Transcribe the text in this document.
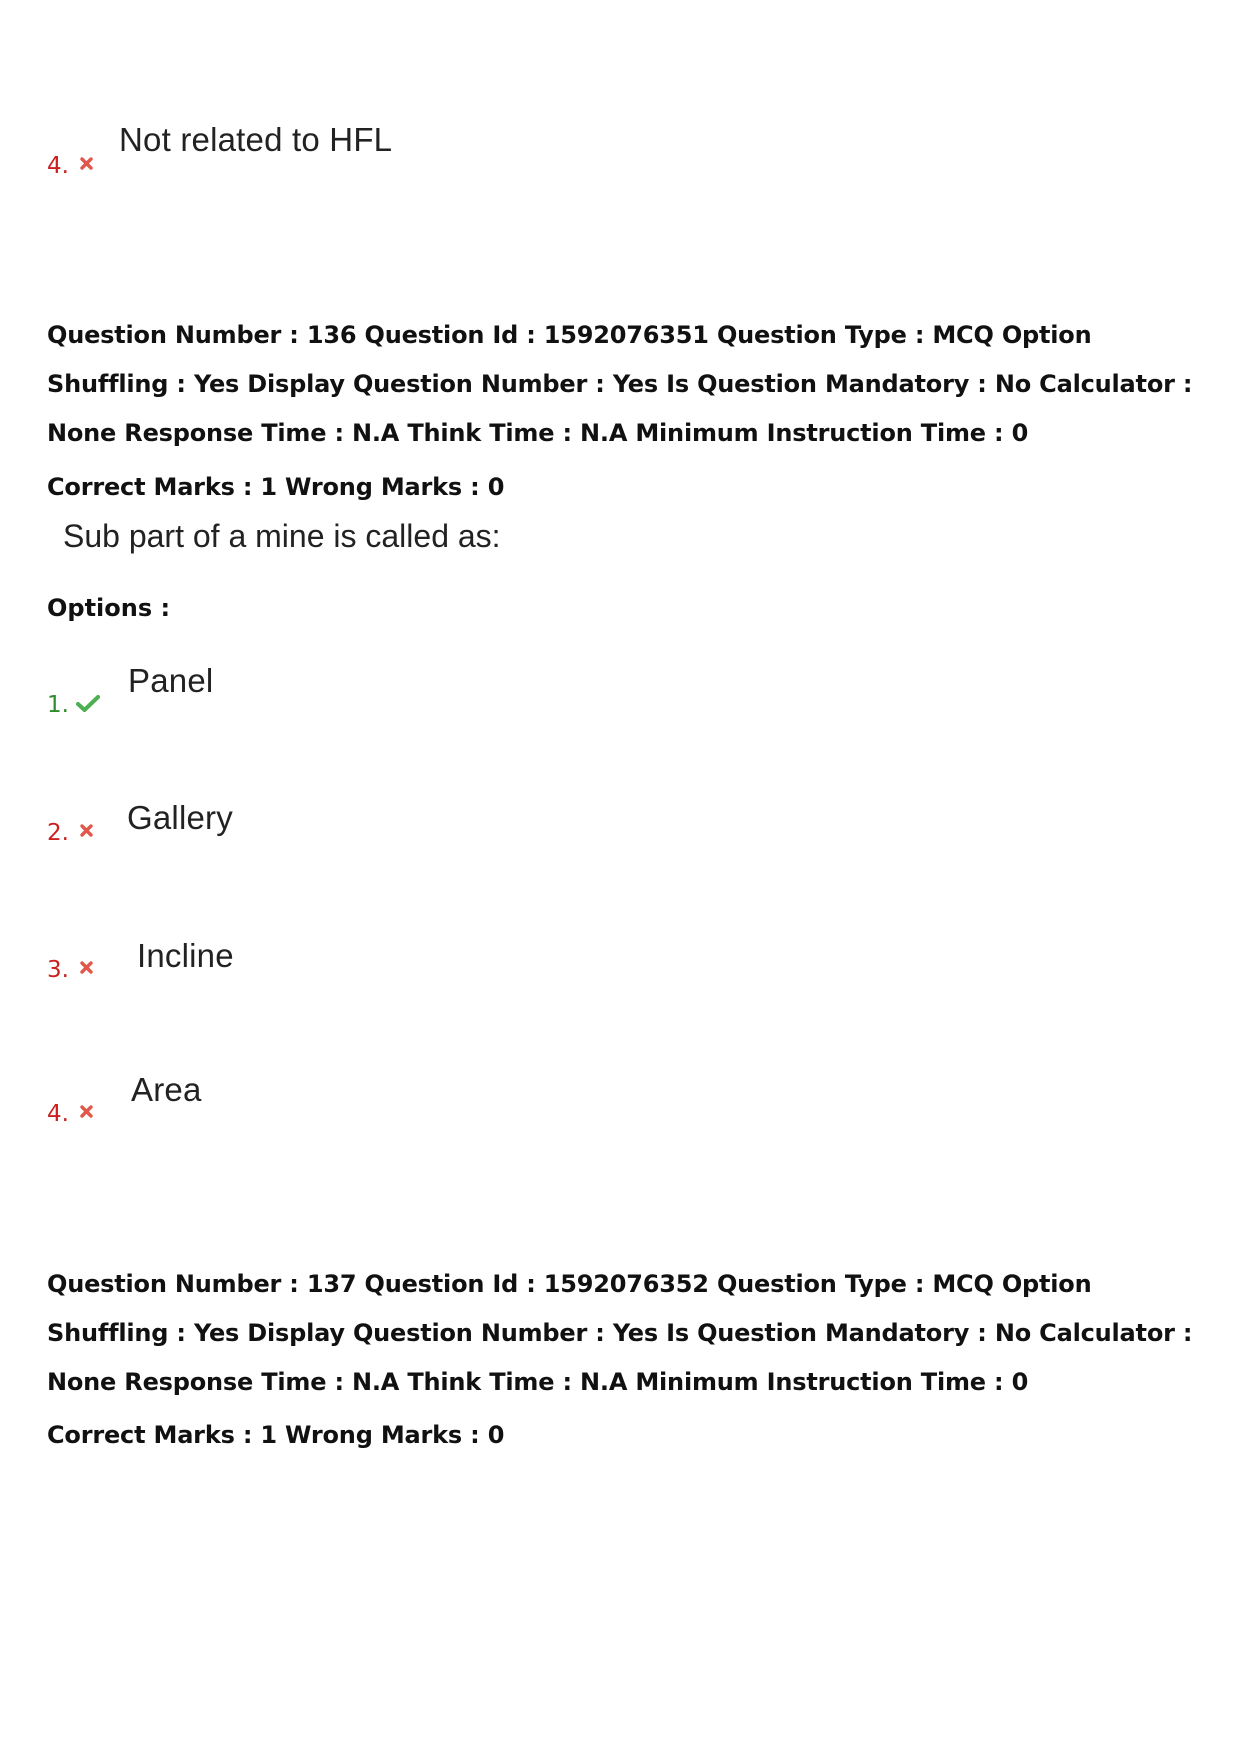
4.
Not related to HFL
Question Number : 136 Question Id : 1592076351 Question Type : MCQ Option Shuffling : Yes Display Question Number : Yes Is Question Mandatory : No Calculator : None Response Time : N.A Think Time : N.A Minimum Instruction Time : 0
Correct Marks : 1 Wrong Marks : 0
Sub part of a mine is called as:
Options :
1.
Panel
2. Gallery
3. Incline
4.
Area
Question Number : 137 Question Id : 1592076352 Question Type : MCQ Option Shuffling : Yes Display Question Number : Yes Is Question Mandatory : No Calculator : None Response Time : N.A Think Time : N.A Minimum Instruction Time : 0
Correct Marks : 1 Wrong Marks : 0
